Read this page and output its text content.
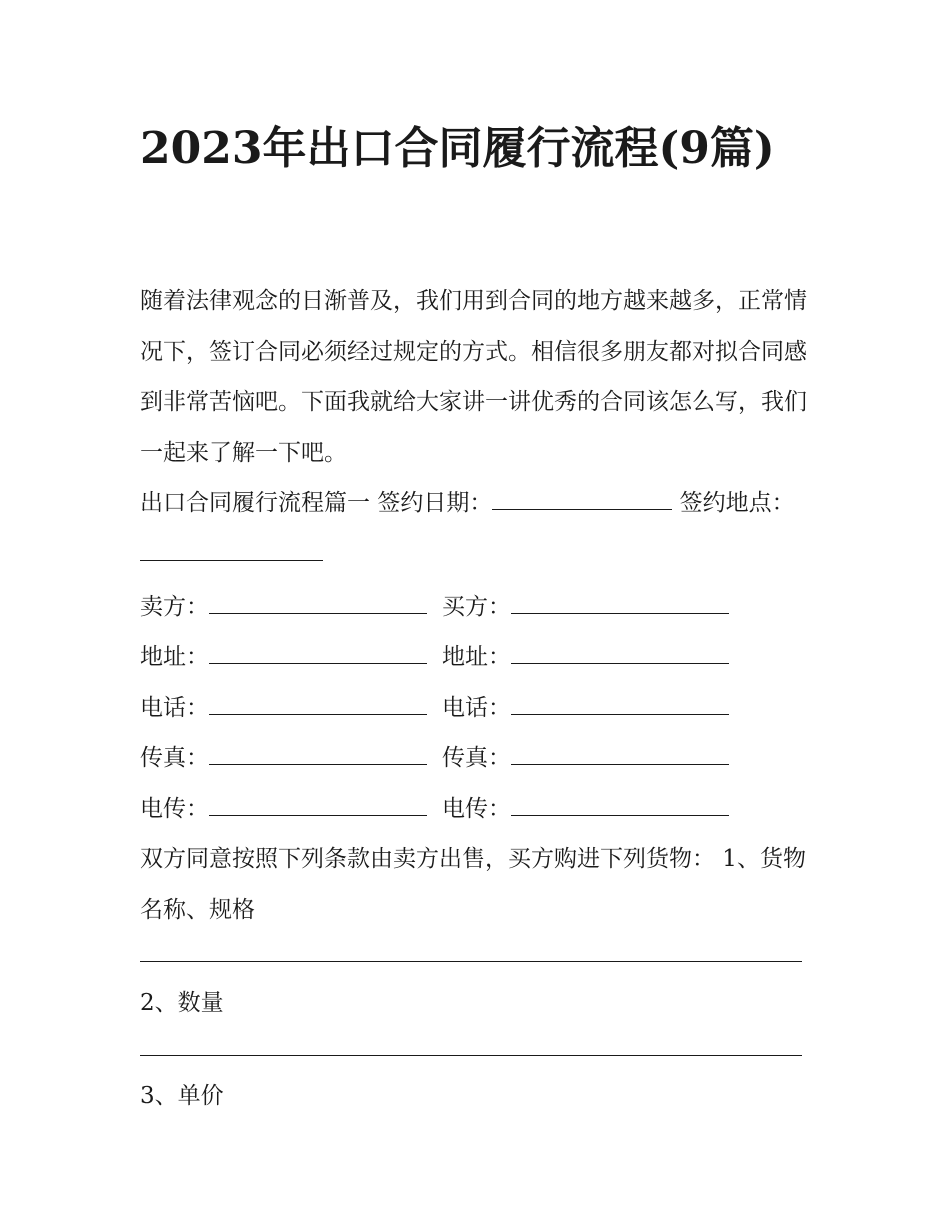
2023年出口合同履行流程(9篇)

随着法律观念的日渐普及，我们用到合同的地方越来越多，正常情况下，签订合同必须经过规定的方式。相信很多朋友都对拟合同感到非常苦恼吧。下面我就给大家讲一讲优秀的合同该怎么写，我们一起来了解一下吧。

出口合同履行流程篇一 签约日期：	签约地点：

卖方：	买方：
地址：	地址：
电话：	电话：
传真：	传真：
电传：	电传：

双方同意按照下列条款由卖方出售，买方购进下列货物： 1、货物名称、规格

2、数量
3、单价
